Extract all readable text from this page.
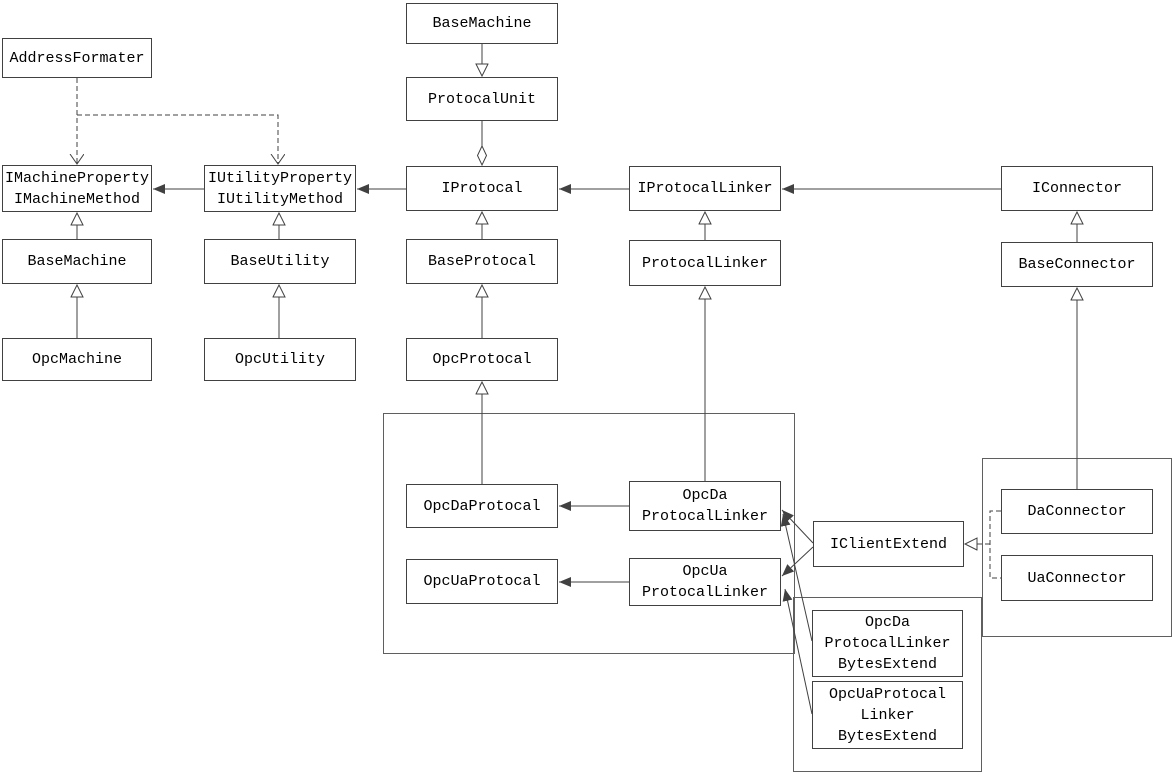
AddressFormater
IMachineProperty
IMachineMethod
BaseMachine
OpcMachine
IUtilityProperty
IUtilityMethod
BaseUtility
OpcUtility
BaseMachine
ProtocalUnit
IProtocal
BaseProtocal
OpcProtocal
OpcDaProtocal
OpcUaProtocal
IProtocalLinker
ProtocalLinker
OpcDa
ProtocalLinker
OpcUa
ProtocalLinker
IClientExtend
IConnector
BaseConnector
DaConnector
UaConnector
OpcDa
ProtocalLinker
BytesExtend
OpcUaProtocal
Linker
BytesExtend
